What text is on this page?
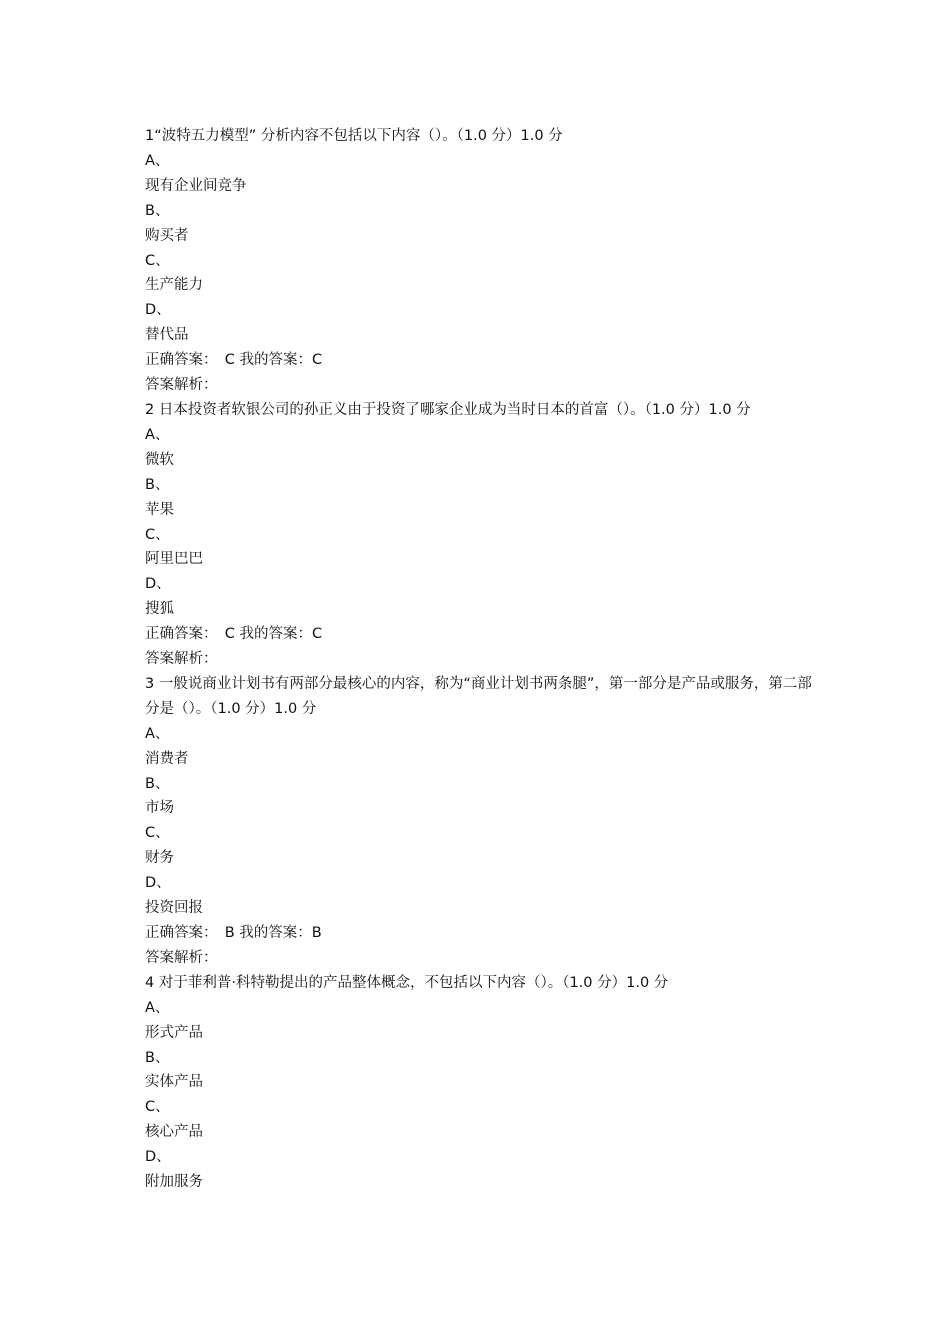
1“波特五力模型” 分析内容不包括以下内容（）。（1.0 分）1.0 分

A、

现有企业间竞争

B、

购买者

C、

生产能力

D、

替代品

正确答案：　C 我的答案：C

答案解析：

2 日本投资者软银公司的孙正义由于投资了哪家企业成为当时日本的首富（）。（1.0 分）1.0 分

A、

微软

B、

苹果

C、

阿里巴巴

D、

搜狐

正确答案：　C 我的答案：C

答案解析：

3 一般说商业计划书有两部分最核心的内容，称为“商业计划书两条腿”，第一部分是产品或服务，第二部分是（）。（1.0 分）1.0 分

A、

消费者

B、

市场

C、

财务

D、

投资回报

正确答案：　B 我的答案：B

答案解析：

4 对于菲利普·科特勒提出的产品整体概念，不包括以下内容（）。（1.0 分）1.0 分

A、

形式产品

B、

实体产品

C、

核心产品

D、

附加服务
